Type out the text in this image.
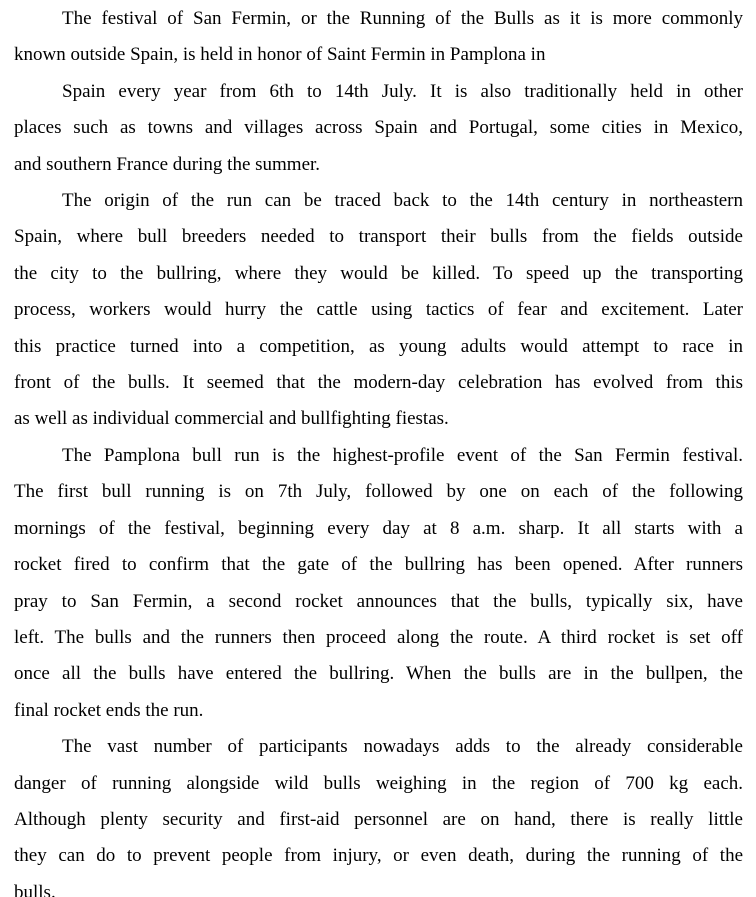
The festival of San Fermin, or the Running of the Bulls as it is more commonly
known outside Spain, is held in honor of Saint Fermin in Pamplona in
Spain every year from 6th to 14th July. It is also traditionally held in other
places such as towns and villages across Spain and Portugal, some cities in Mexico,
and southern France during the summer.
The origin of the run can be traced back to the 14th century in northeastern
Spain, where bull breeders needed to transport their bulls from the fields outside
the city to the bullring, where they would be killed. To speed up the transporting
process, workers would hurry the cattle using tactics of fear and excitement. Later
this practice turned into a competition, as young adults would attempt to race in
front of the bulls. It seemed that the modern-day celebration has evolved from this
as well as individual commercial and bullfighting fiestas.
The Pamplona bull run is the highest-profile event of the San Fermin festival.
The first bull running is on 7th July, followed by one on each of the following
mornings of the festival, beginning every day at 8 a.m. sharp. It all starts with a
rocket fired to confirm that the gate of the bullring has been opened. After runners
pray to San Fermin, a second rocket announces that the bulls, typically six, have
left. The bulls and the runners then proceed along the route. A third rocket is set off
once all the bulls have entered the bullring. When the bulls are in the bullpen, the
final rocket ends the run.
The vast number of participants nowadays adds to the already considerable
danger of running alongside wild bulls weighing in the region of 700 kg each.
Although plenty security and first-aid personnel are on hand, there is really little
they can do to prevent people from injury, or even death, during the running of the
bulls.
